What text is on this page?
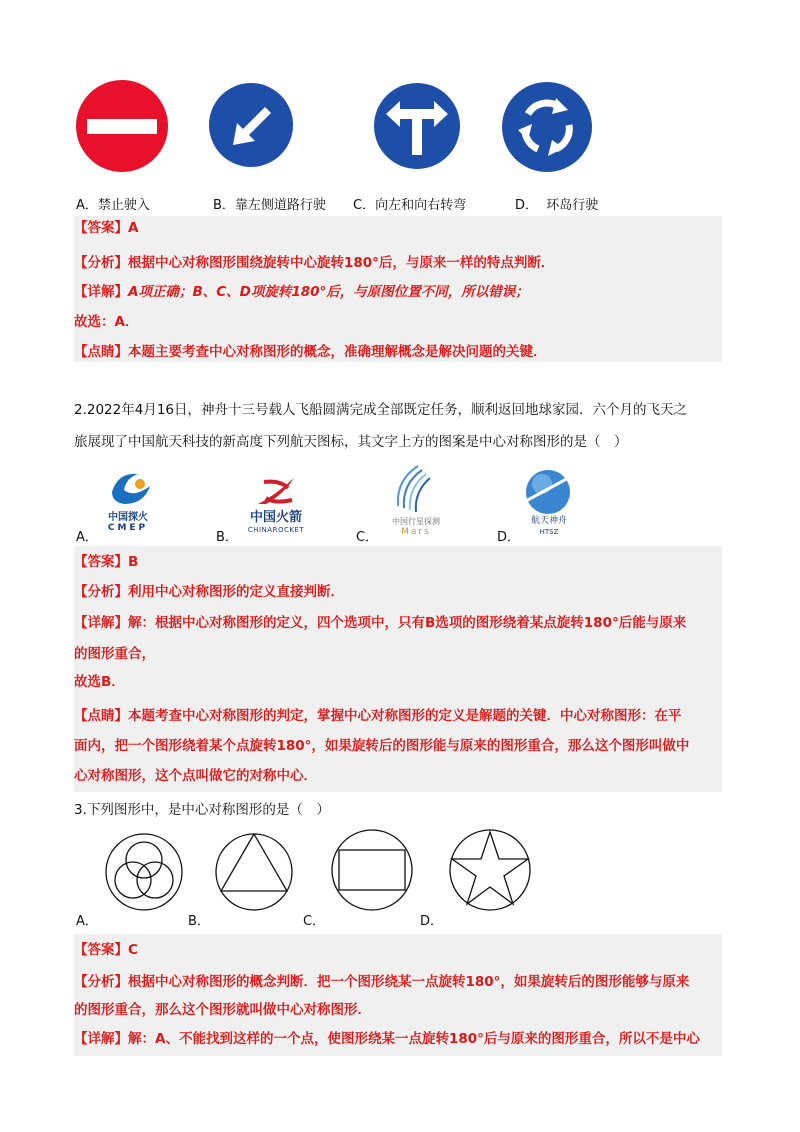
A．禁止驶入	B．靠左侧道路行驶 C．向左和向右转弯	D． 环岛行驶
【答案】A
【分析】根据中心对称图形围绕旋转中心旋转180°后，与原来一样的特点判断．
【详解】A项正确；B、C、D项旋转180°后，与原图位置不同，所以错误；
故选：A．
【点睛】本题主要考查中心对称图形的概念，准确理解概念是解决问题的关键．
2.2022年4月16日，神舟十三号载人飞船圆满完成全部既定任务，顺利返回地球家园．六个月的飞天之
旅展现了中国航天科技的新高度下列航天图标，其文字上方的图案是中心对称图形的是（　）
中国探火
CMEP
中国火箭
CHINAROCKET
中国行星探测
Mars
航天神舟
HTSZ
A．	B．	C．	D．
【答案】B
【分析】利用中心对称图形的定义直接判断．
【详解】解：根据中心对称图形的定义，四个选项中，只有B选项的图形绕着某点旋转180°后能与原来
的图形重合，
故选B．
【点睛】本题考查中心对称图形的判定，掌握中心对称图形的定义是解题的关键．中心对称图形：在平
面内，把一个图形绕着某个点旋转180°，如果旋转后的图形能与原来的图形重合，那么这个图形叫做中
心对称图形，这个点叫做它的对称中心．
3.下列图形中，是中心对称图形的是（　）
A．	B．	C．	D．
【答案】C
【分析】根据中心对称图形的概念判断．把一个图形绕某一点旋转180°，如果旋转后的图形能够与原来
的图形重合，那么这个图形就叫做中心对称图形．
【详解】解：A、不能找到这样的一个点，使图形绕某一点旋转180°后与原来的图形重合，所以不是中心
